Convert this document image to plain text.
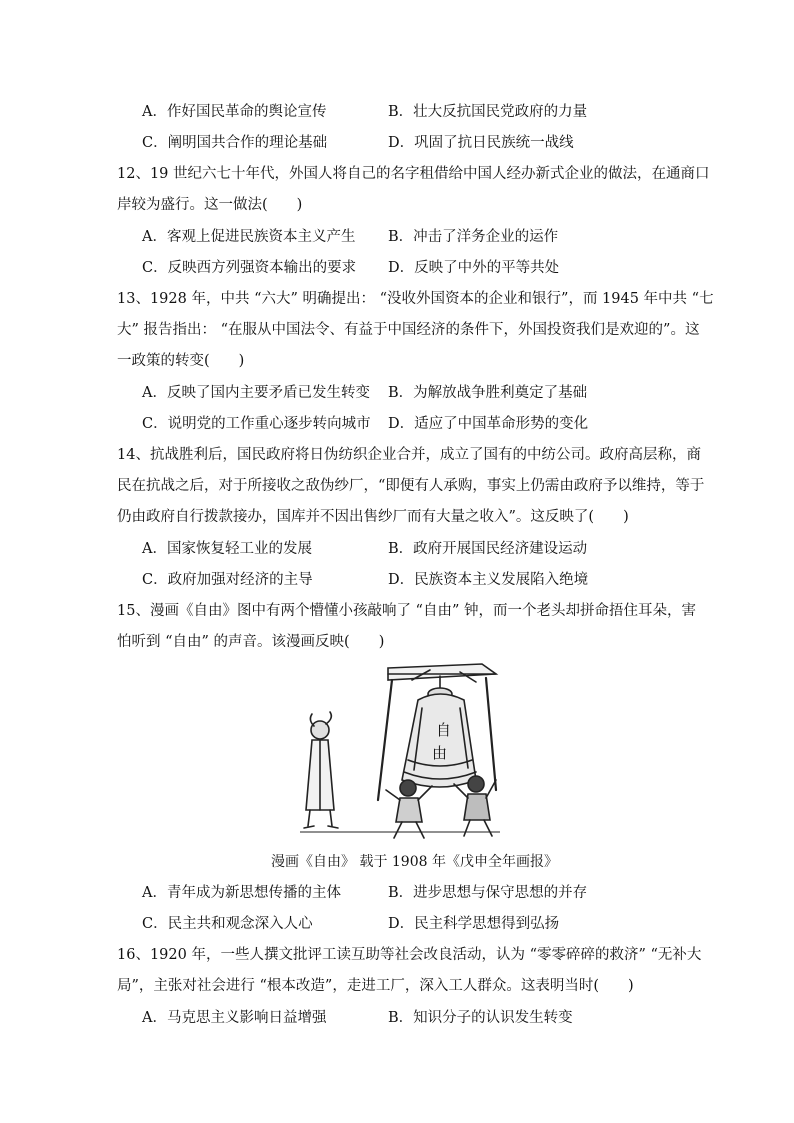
A．作好国民革命的舆论宣传	B．壮大反抗国民党政府的力量
C．阐明国共合作的理论基础	D．巩固了抗日民族统一战线
12、19 世纪六七十年代，外国人将自己的名字租借给中国人经办新式企业的做法，在通商口
岸较为盛行。这一做法(　　)
A．客观上促进民族资本主义产生 B．冲击了洋务企业的运作
C．反映西方列强资本输出的要求 D．反映了中外的平等共处
13、1928 年，中共 “六大” 明确提出： “没收外国资本的企业和银行”，而 1945 年中共 “七
大” 报告指出： “在服从中国法令、有益于中国经济的条件下，外国投资我们是欢迎的”。这
一政策的转变(　　)
A．反映了国内主要矛盾已发生转变 B．为解放战争胜利奠定了基础
C．说明党的工作重心逐步转向城市 D．适应了中国革命形势的变化
14、抗战胜利后，国民政府将日伪纺织企业合并，成立了国有的中纺公司。政府高层称，商
民在抗战之后，对于所接收之敌伪纱厂，“即便有人承购，事实上仍需由政府予以维持，等于
仍由政府自行拨款接办，国库并不因出售纱厂而有大量之收入”。这反映了(　　)
A．国家恢复轻工业的发展	B．政府开展国民经济建设运动
C．政府加强对经济的主导	D．民族资本主义发展陷入绝境
15、漫画《自由》图中有两个懵懂小孩敲响了 “自由” 钟，而一个老头却拼命捂住耳朵，害
怕听到 “自由” 的声音。该漫画反映(　　)
自
由
漫画《自由》 载于 1908 年《戊申全年画报》
A．青年成为新思想传播的主体	B．进步思想与保守思想的并存
C．民主共和观念深入人心	D．民主科学思想得到弘扬
16、1920 年，一些人撰文批评工读互助等社会改良活动，认为 “零零碎碎的救济” “无补大
局”，主张对社会进行 “根本改造”，走进工厂，深入工人群众。这表明当时(　　)
A．马克思主义影响日益增强	B．知识分子的认识发生转变
